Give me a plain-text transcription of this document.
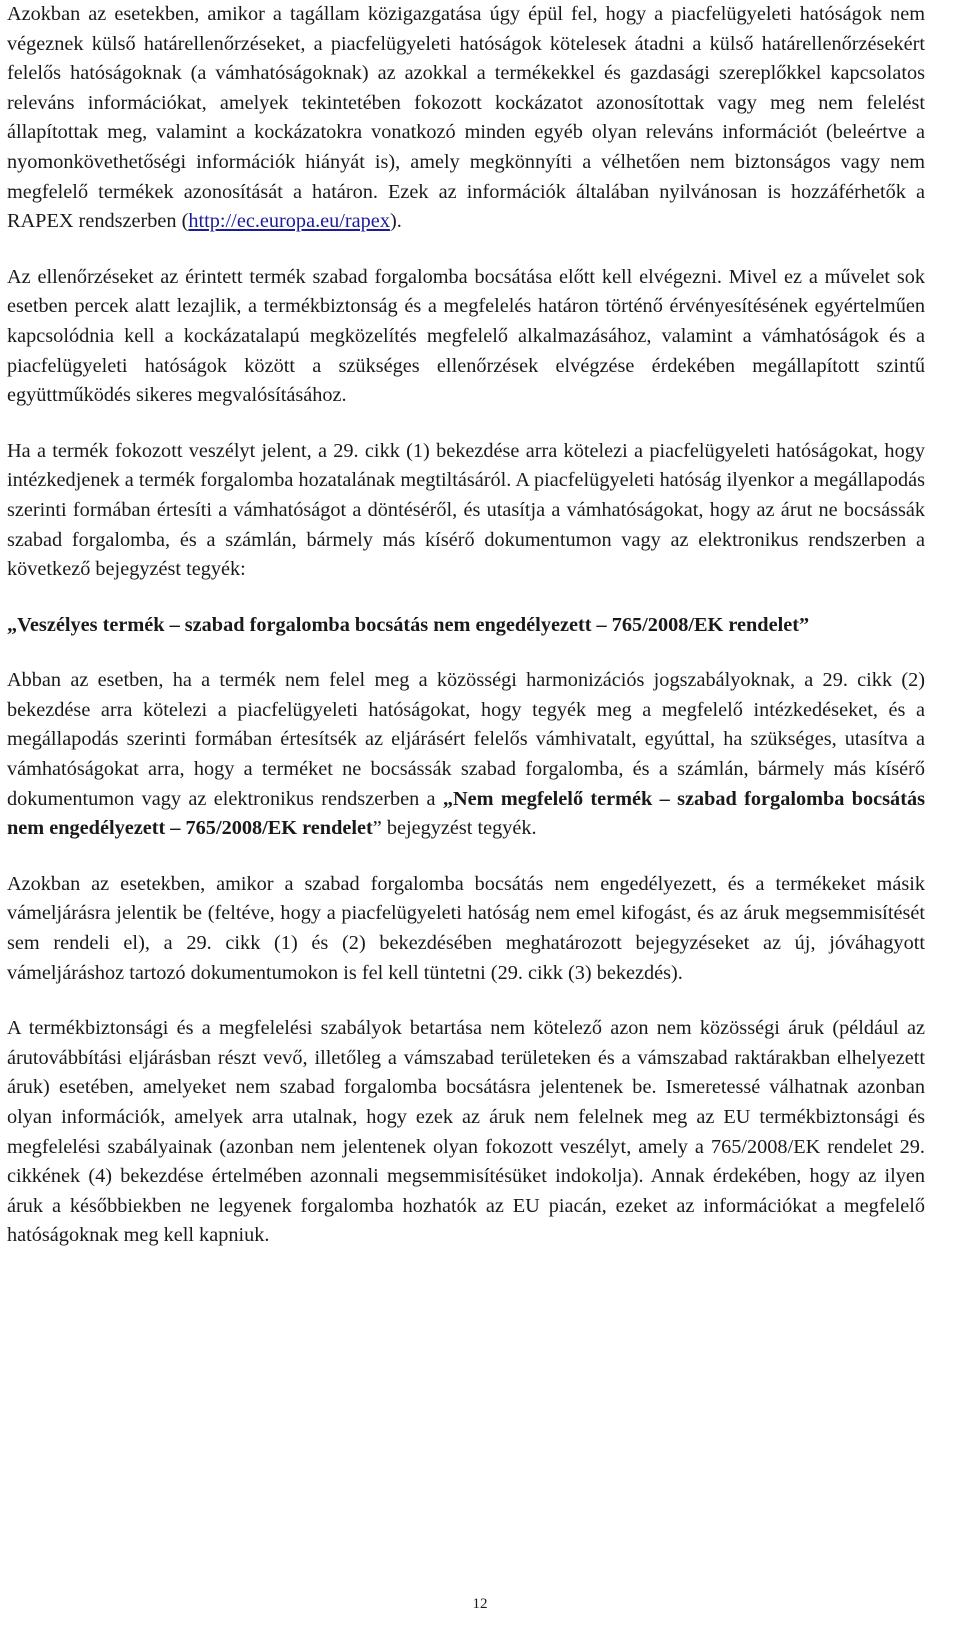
Azokban az esetekben, amikor a tagállam közigazgatása úgy épül fel, hogy a piacfelügyeleti hatóságok nem végeznek külső határellenőrzéseket, a piacfelügyeleti hatóságok kötelesek átadni a külső határellenőrzésekért felelős hatóságoknak (a vámhatóságoknak) az azokkal a termékekkel és gazdasági szereplőkkel kapcsolatos releváns információkat, amelyek tekintetében fokozott kockázatot azonosítottak vagy meg nem felelést állapítottak meg, valamint a kockázatokra vonatkozó minden egyéb olyan releváns információt (beleértve a nyomonkövethetőségi információk hiányát is), amely megkönnyíti a vélhetően nem biztonságos vagy nem megfelelő termékek azonosítását a határon. Ezek az információk általában nyilvánosan is hozzáférhetők a RAPEX rendszerben (http://ec.europa.eu/rapex).

Az ellenőrzéseket az érintett termék szabad forgalomba bocsátása előtt kell elvégezni. Mivel ez a művelet sok esetben percek alatt lezajlik, a termékbiztonság és a megfelelés határon történő érvényesítésének egyértelműen kapcsolódnia kell a kockázatalapú megközelítés megfelelő alkalmazásához, valamint a vámhatóságok és a piacfelügyeleti hatóságok között a szükséges ellenőrzések elvégzése érdekében megállapított szintű együttműködés sikeres megvalósításához.

Ha a termék fokozott veszélyt jelent, a 29. cikk (1) bekezdése arra kötelezi a piacfelügyeleti hatóságokat, hogy intézkedjenek a termék forgalomba hozatalának megtiltásáról. A piacfelügyeleti hatóság ilyenkor a megállapodás szerinti formában értesíti a vámhatóságot a döntéséről, és utasítja a vámhatóságokat, hogy az árut ne bocsássák szabad forgalomba, és a számlán, bármely más kísérő dokumentumon vagy az elektronikus rendszerben a következő bejegyzést tegyék:

„Veszélyes termék – szabad forgalomba bocsátás nem engedélyezett – 765/2008/EK rendelet”

Abban az esetben, ha a termék nem felel meg a közösségi harmonizációs jogszabályoknak, a 29. cikk (2) bekezdése arra kötelezi a piacfelügyeleti hatóságokat, hogy tegyék meg a megfelelő intézkedéseket, és a megállapodás szerinti formában értesítsék az eljárásért felelős vámhivatalt, egyúttal, ha szükséges, utasítva a vámhatóságokat arra, hogy a terméket ne bocsássák szabad forgalomba, és a számlán, bármely más kísérő dokumentumon vagy az elektronikus rendszerben a „Nem megfelelő termék – szabad forgalomba bocsátás nem engedélyezett – 765/2008/EK rendelet” bejegyzést tegyék.

Azokban az esetekben, amikor a szabad forgalomba bocsátás nem engedélyezett, és a termékeket másik vámeljárásra jelentik be (feltéve, hogy a piacfelügyeleti hatóság nem emel kifogást, és az áruk megsemmisítését sem rendeli el), a 29. cikk (1) és (2) bekezdésében meghatározott bejegyzéseket az új, jóváhagyott vámeljáráshoz tartozó dokumentumokon is fel kell tüntetni (29. cikk (3) bekezdés).

A termékbiztonsági és a megfelelési szabályok betartása nem kötelező azon nem közösségi áruk (például az árutovábbítási eljárásban részt vevő, illetőleg a vámszabad területeken és a vámszabad raktárakban elhelyezett áruk) esetében, amelyeket nem szabad forgalomba bocsátásra jelentenek be. Ismeretessé válhatnak azonban olyan információk, amelyek arra utalnak, hogy ezek az áruk nem felelnek meg az EU termékbiztonsági és megfelelési szabályainak (azonban nem jelentenek olyan fokozott veszélyt, amely a 765/2008/EK rendelet 29. cikkének (4) bekezdése értelmében azonnali megsemmisítésüket indokolja). Annak érdekében, hogy az ilyen áruk a későbbiekben ne legyenek forgalomba hozhatók az EU piacán, ezeket az információkat a megfelelő hatóságoknak meg kell kapniuk.

12
